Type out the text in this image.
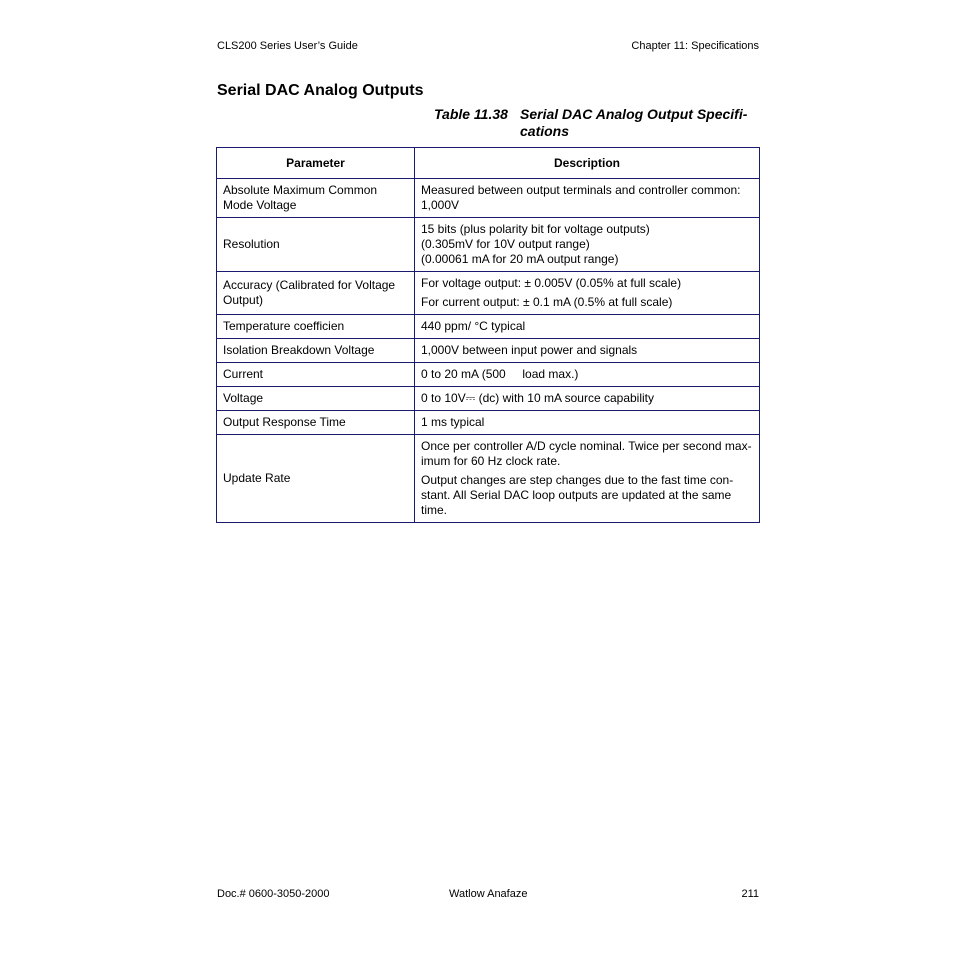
CLS200 Series User’s Guide	Chapter 11: Specifications
Serial DAC Analog Outputs
Table 11.38 Serial DAC Analog Output Specifi-
cations
Parameter	Description

Absolute Maximum Common
Mode Voltage	Measured between output terminals and controller common:
1,000V

Resolution	15 bits (plus polarity bit for voltage outputs)
(0.305mV for 10V output range)
(0.00061 mA for 20 mA output range)

Accuracy (Calibrated for Voltage
Output)	For voltage output: ± 0.005V (0.05% at full scale)
For current output: ± 0.1 mA (0.5% at full scale)

Temperature coefficien	440 ppm/ °C typical

Isolation Breakdown Voltage	1,000V between input power and signals

Current	0 to 20 mA (500     load max.)

Voltage	0 to 10V⎓ (dc) with 10 mA source capability

Output Response Time	1 ms typical

Update Rate	Once per controller A/D cycle nominal. Twice per second max-
imum for 60 Hz clock rate.
Output changes are step changes due to the fast time con-
stant. All Serial DAC loop outputs are updated at the same
time.
Doc.# 0600-3050-2000	Watlow Anafaze	211
